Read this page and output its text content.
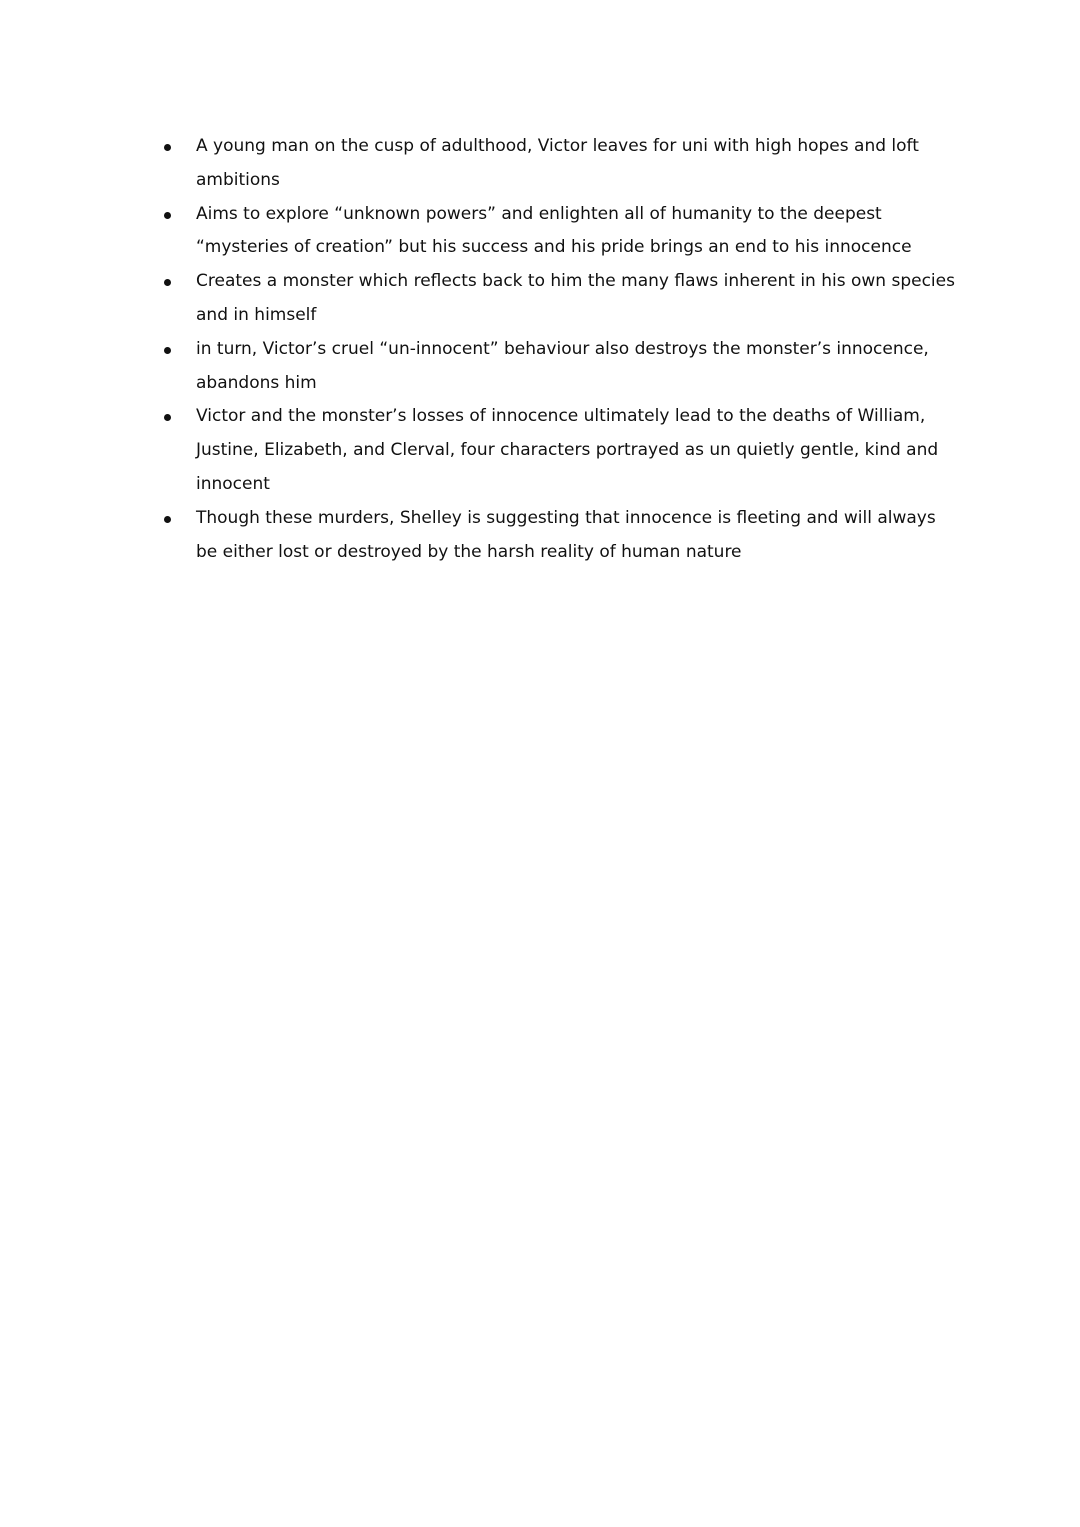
A young man on the cusp of adulthood, Victor leaves for uni with high hopes and loft ambitions
Aims to explore “unknown powers” and enlighten all of humanity to the deepest “mysteries of creation” but his success and his pride brings an end to his innocence
Creates a monster which reflects back to him the many flaws inherent in his own species and in himself
in turn, Victor’s cruel “un-innocent” behaviour also destroys the monster’s innocence, abandons him
Victor and the monster’s losses of innocence ultimately lead to the deaths of William, Justine, Elizabeth, and Clerval, four characters portrayed as un quietly gentle, kind and innocent
Though these murders, Shelley is suggesting that innocence is fleeting and will always be either lost or destroyed by the harsh reality of human nature
